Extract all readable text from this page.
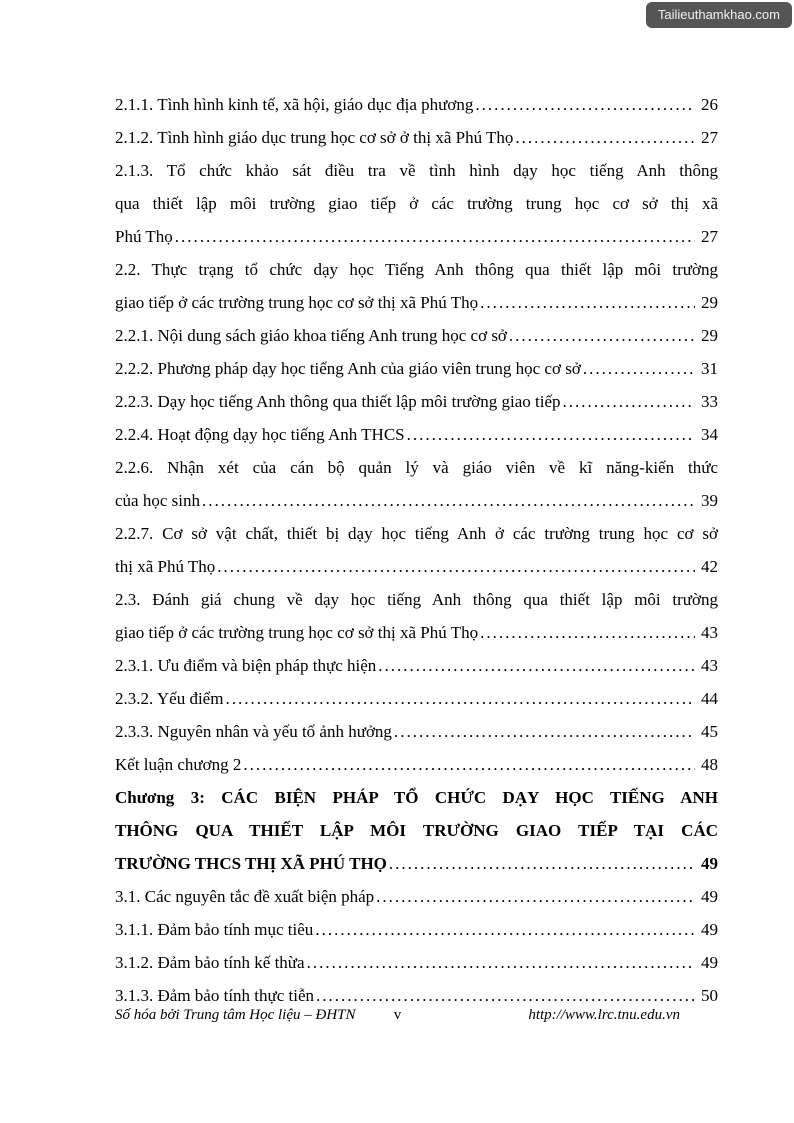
Tailieuthamkhao.com
2.1.1. Tình hình kinh tế, xã hội, giáo dục địa phương .....	26
2.1.2. Tình hình giáo dục trung học cơ sở ở thị xã Phú Thọ .....	27
2.1.3. Tổ chức khảo sát điều tra về tình hình dạy học tiếng Anh thông
qua thiết lập môi trường giao tiếp ở các trường trung học cơ sở thị xã
Phú Thọ .....	27
2.2. Thực trạng tổ chức dạy học Tiếng Anh thông qua thiết lập môi trường
giao tiếp ở các trường trung học cơ sở thị xã Phú Thọ .....	29
2.2.1. Nội dung sách giáo khoa tiếng Anh trung học cơ sở .....	29
2.2.2. Phương pháp dạy học tiếng Anh của giáo viên trung học cơ sở .....	31
2.2.3. Dạy học tiếng Anh thông qua thiết lập môi trường giao tiếp .....	33
2.2.4. Hoạt động dạy học tiếng Anh THCS .....	34
2.2.6. Nhận xét của cán bộ quản lý và giáo viên về kĩ năng-kiến thức
của học sinh .....	39
2.2.7. Cơ sở vật chất, thiết bị dạy học tiếng Anh ở các trường trung học cơ sở
thị xã Phú Thọ .....	42
2.3. Đánh giá chung về dạy học tiếng Anh thông qua thiết lập môi trường
giao tiếp ở các trường trung học cơ sở thị xã Phú Thọ .....	43
2.3.1. Ưu điểm và biện pháp thực hiện .....	43
2.3.2. Yếu điểm .....	44
2.3.3. Nguyên nhân và yếu tố ảnh hưởng .....	45
Kết luận chương 2 .....	48
Chương 3: CÁC BIỆN PHÁP TỔ CHỨC DẠY HỌC TIẾNG ANH
THÔNG QUA THIẾT LẬP MÔI TRƯỜNG GIAO TIẾP TẠI CÁC
TRƯỜNG THCS THỊ XÃ PHÚ THỌ .....	49
3.1. Các nguyên tắc đề xuất biện pháp .....	49
3.1.1. Đảm bảo tính mục tiêu .....	49
3.1.2. Đảm bảo tính kế thừa .....	49
3.1.3. Đảm bảo tính thực tiễn .....	50
Số hóa bởi Trung tâm Học liệu – ĐHTN	v	http://www.lrc.tnu.edu.vn
